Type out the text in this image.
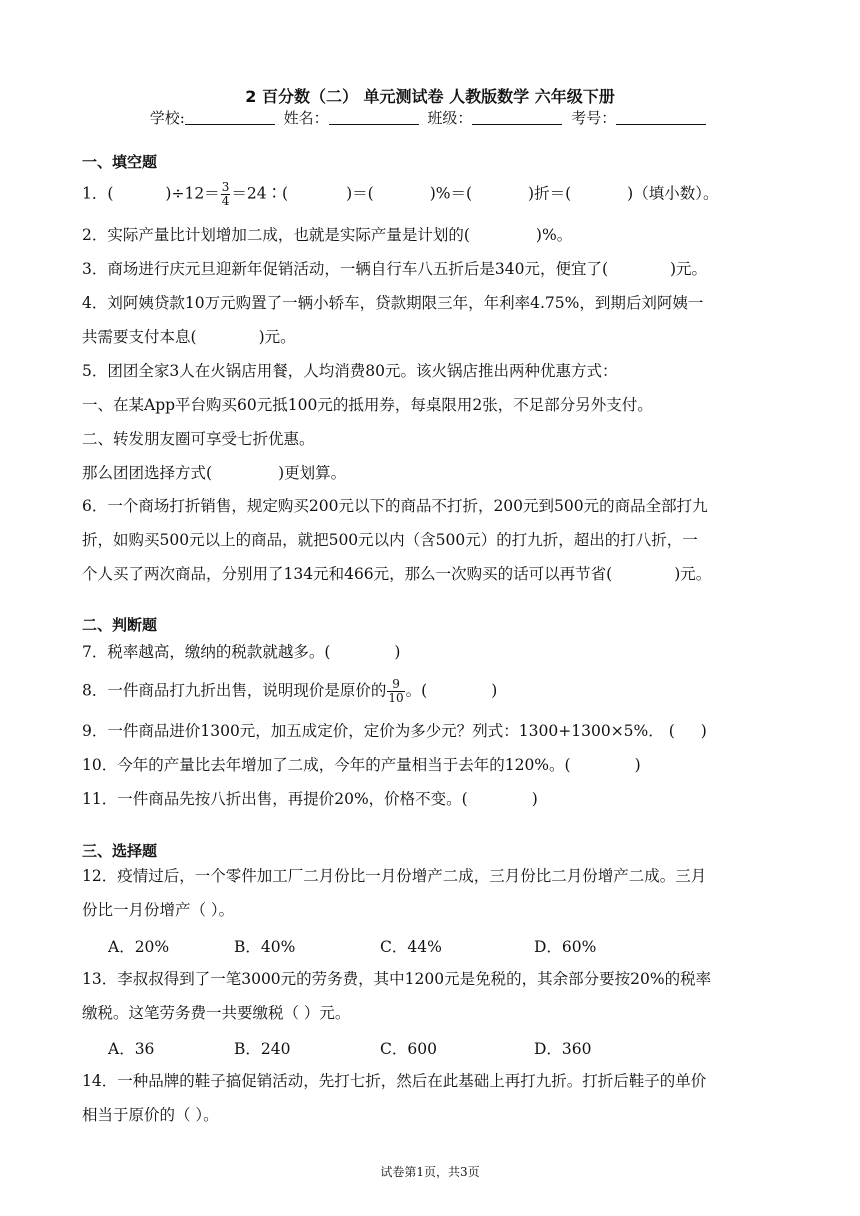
2 百分数（二） 单元测试卷 人教版数学 六年级下册
学校:	姓名：	班级：	考号：
一、填空题
1．(	)$\div 12= \frac{3}{4}$ ＝24∶(	)＝(	)%＝(	)折＝(	)（填小数）。
2．实际产量比计划增加二成，也就是实际产量是计划的(	)%。
3．商场进行庆元旦迎新年促销活动，一辆自行车八五折后是340元，便宜了(	)元。
4．刘阿姨贷款10万元购置了一辆小轿车，贷款期限三年，年利率4.75%，到期后刘阿姨一
共需要支付本息(	)元。
5．团团全家3人在火锅店用餐，人均消费80元。该火锅店推出两种优惠方式：
一、在某App平台购买60元抵100元的抵用券，每桌限用2张，不足部分另外支付。
二、转发朋友圈可享受七折优惠。
那么团团选择方式(	)更划算。
6．一个商场打折销售，规定购买200元以下的商品不打折，200元到500元的商品全部打九
折，如购买500元以上的商品，就把500元以内（含500元）的打九折，超出的打八折，一
个人买了两次商品，分别用了134元和466元，那么一次购买的话可以再节省(	)元。
二、判断题
7．税率越高，缴纳的税款就越多。(	)
8．一件商品打九折出售，说明现价是原价的 $\frac{9}{10}$ 。(	)
9．一件商品进价1300元，加五成定价，定价为多少元？列式：1300+1300×5%． ( )
10．今年的产量比去年增加了二成，今年的产量相当于去年的120%。(	)
11．一件商品先按八折出售，再提价20%，价格不变。(	)
三、选择题
12．疫情过后，一个零件加工厂二月份比一月份增产二成，三月份比二月份增产二成。三月
份比一月份增产（ ）。
A．20%	B．40%	C．44%	D．60%
13．李叔叔得到了一笔3000元的劳务费，其中1200元是免税的，其余部分要按20%的税率
缴税。这笔劳务费一共要缴税（ ）元。
A．36	B．240	C．600	D．360
14．一种品牌的鞋子搞促销活动，先打七折，然后在此基础上再打九折。打折后鞋子的单价
相当于原价的（ ）。
试卷第1页，共3页
